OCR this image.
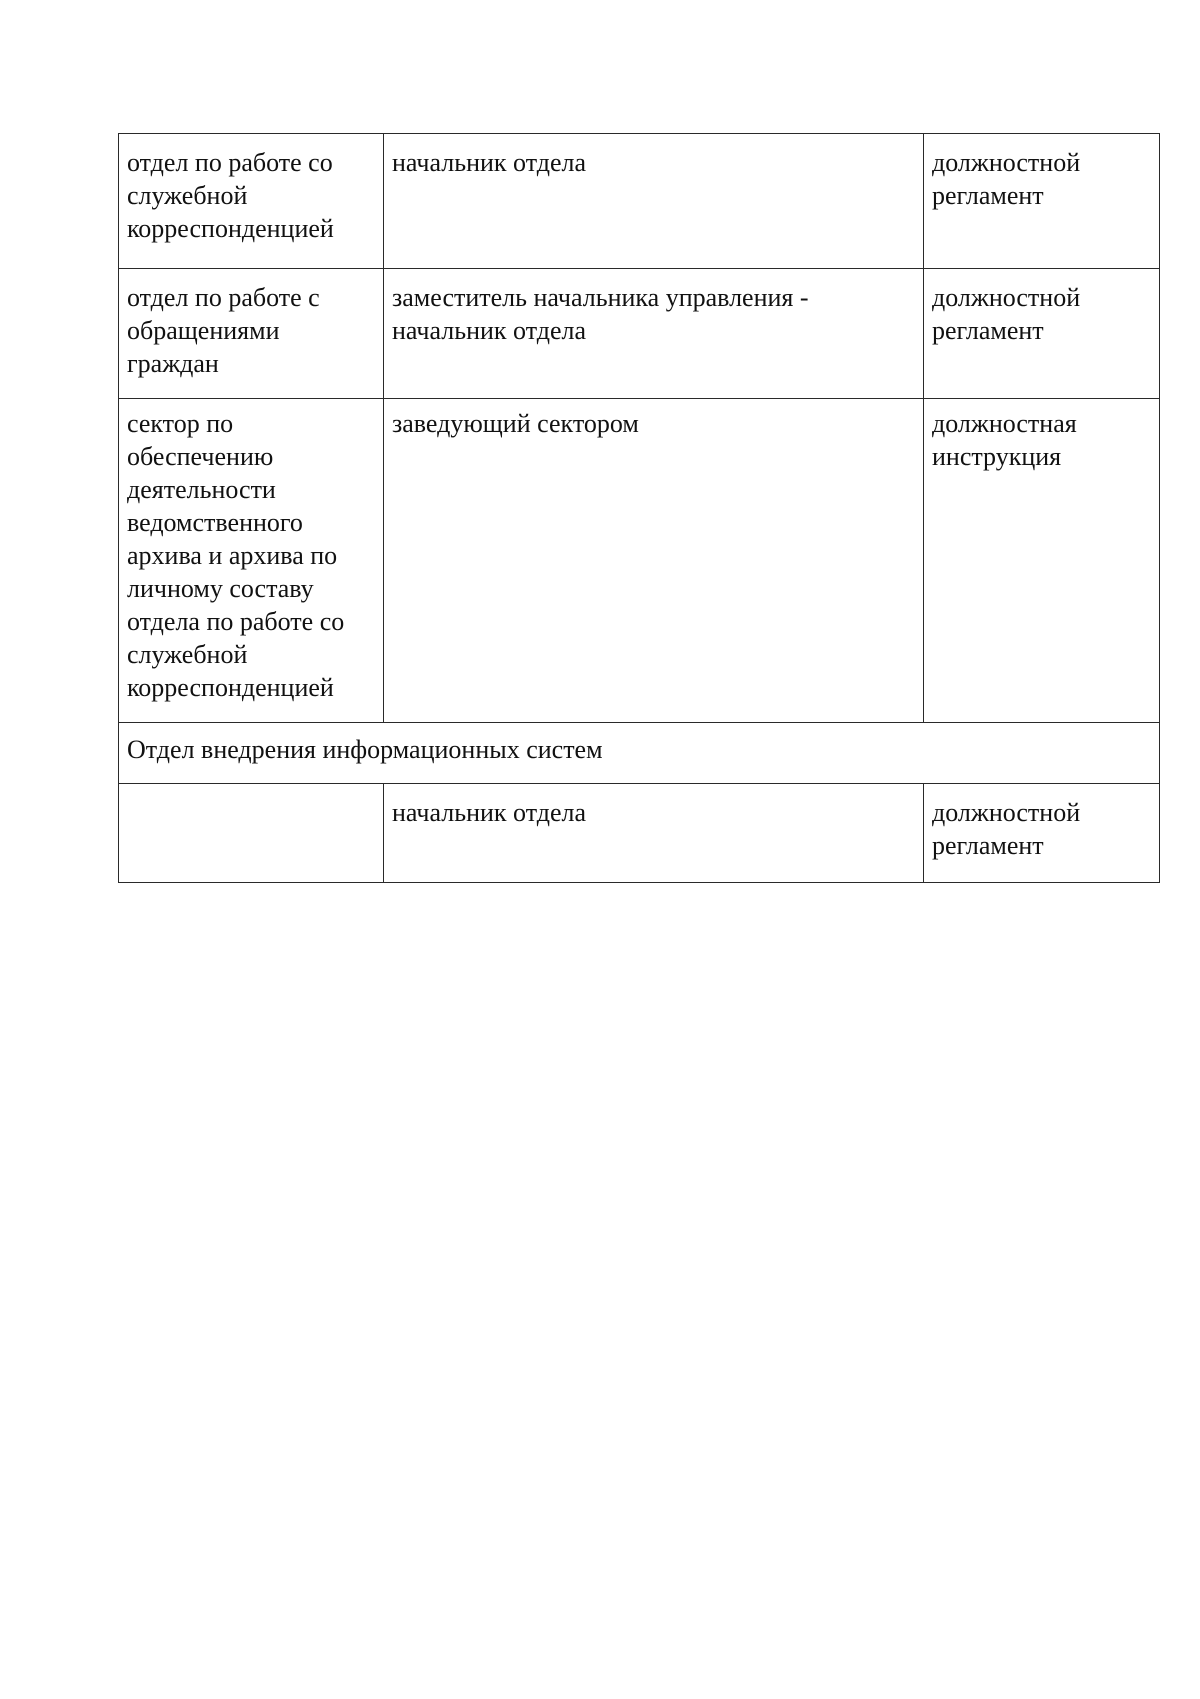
отдел по работе со служебной корреспонденцией	начальник отдела	должностной регламент

отдел по работе с обращениями граждан	заместитель начальника управления - начальник отдела	должностной регламент

сектор по обеспечению деятельности ведомственного архива и архива по личному составу отдела по работе со служебной корреспонденцией	заведующий сектором	должностная инструкция

Отдел внедрения информационных систем		

	начальник отдела	должностной регламент
